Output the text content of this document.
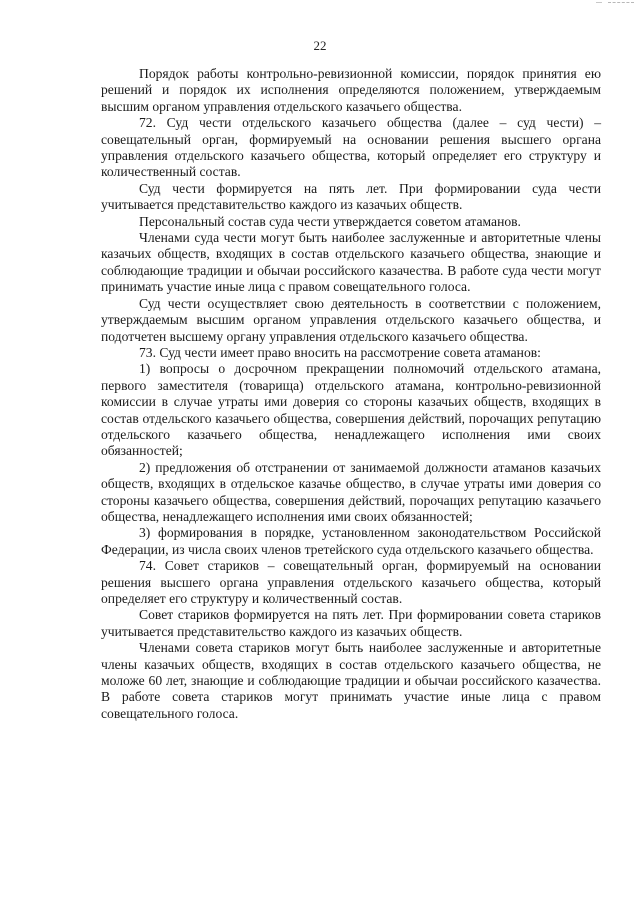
22

Порядок работы контрольно-ревизионной комиссии, порядок принятия ею решений и порядок их исполнения определяются положением, утверждаемым высшим органом управления отдельского казачьего общества.

72. Суд чести отдельского казачьего общества (далее – суд чести) – совещательный орган, формируемый на основании решения высшего органа управления отдельского казачьего общества, который определяет его структуру и количественный состав.

Суд чести формируется на пять лет. При формировании суда чести учитывается представительство каждого из казачьих обществ.

Персональный состав суда чести утверждается советом атаманов.

Членами суда чести могут быть наиболее заслуженные и авторитетные члены казачьих обществ, входящих в состав отдельского казачьего общества, знающие и соблюдающие традиции и обычаи российского казачества. В работе суда чести могут принимать участие иные лица с правом совещательного голоса.

Суд чести осуществляет свою деятельность в соответствии с положением, утверждаемым высшим органом управления отдельского казачьего общества, и подотчетен высшему органу управления отдельского казачьего общества.

73. Суд чести имеет право вносить на рассмотрение совета атаманов:

1) вопросы о досрочном прекращении полномочий отдельского атамана, первого заместителя (товарища) отдельского атамана, контрольно-ревизионной комиссии в случае утраты ими доверия со стороны казачьих обществ, входящих в состав отдельского казачьего общества, совершения действий, порочащих репутацию отдельского казачьего общества, ненадлежащего исполнения ими своих обязанностей;

2) предложения об отстранении от занимаемой должности атаманов казачьих обществ, входящих в отдельское казачье общество, в случае утраты ими доверия со стороны казачьего общества, совершения действий, порочащих репутацию казачьего общества, ненадлежащего исполнения ими своих обязанностей;

3) формирования в порядке, установленном законодательством Российской Федерации, из числа своих членов третейского суда отдельского казачьего общества.

74. Совет стариков – совещательный орган, формируемый на основании решения высшего органа управления отдельского казачьего общества, который определяет его структуру и количественный состав.

Совет стариков формируется на пять лет. При формировании совета стариков учитывается представительство каждого из казачьих обществ.

Членами совета стариков могут быть наиболее заслуженные и авторитетные члены казачьих обществ, входящих в состав отдельского казачьего общества, не моложе 60 лет, знающие и соблюдающие традиции и обычаи российского казачества. В работе совета стариков могут принимать участие иные лица с правом совещательного голоса.
